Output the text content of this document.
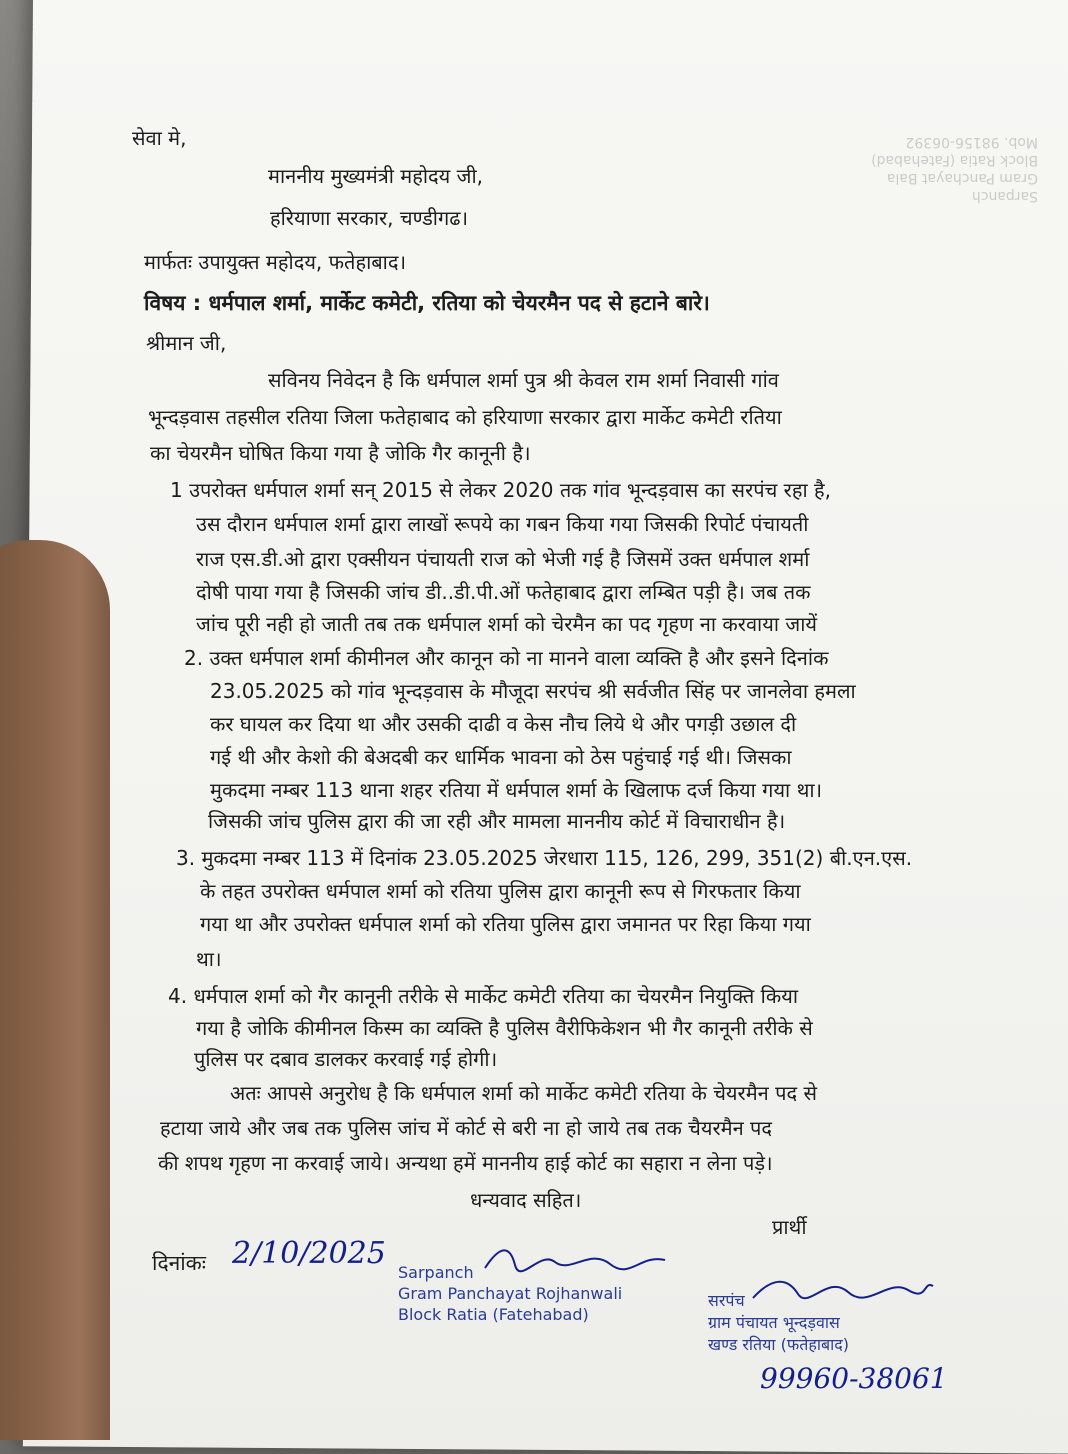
Sarpanch
Gram Panchayat Bala
Block Ratia (Fatehabad)
Mob. 98156-06392
सेवा मे,
माननीय मुख्यमंत्री महोदय जी,
हरियाणा सरकार, चण्डीगढ।
मार्फतः उपायुक्त महोदय, फतेहाबाद।
विषय : धर्मपाल शर्मा, मार्केट कमेटी, रतिया को चेयरमैन पद से हटाने बारे।
श्रीमान जी,
सविनय निवेदन है कि धर्मपाल शर्मा पुत्र श्री केवल राम शर्मा निवासी गांव
भून्दड़वास तहसील रतिया जिला फतेहाबाद को हरियाणा सरकार द्वारा मार्केट कमेटी रतिया
का चेयरमैन घोषित किया गया है जोकि गैर कानूनी है।
1 उपरोक्त धर्मपाल शर्मा सन् 2015 से लेकर 2020 तक गांव भून्दड़वास का सरपंच रहा है,
उस दौरान धर्मपाल शर्मा द्वारा लाखों रूपये का गबन किया गया जिसकी रिपोर्ट पंचायती
राज एस.डी.ओ द्वारा एक्सीयन पंचायती राज को भेजी गई है जिसमें उक्त धर्मपाल शर्मा
दोषी पाया गया है जिसकी जांच डी..डी.पी.ओं फतेहाबाद द्वारा लम्बित पड़ी है। जब तक
जांच पूरी नही हो जाती तब तक धर्मपाल शर्मा को चेरमैन का पद गृहण ना करवाया जायें
2. उक्त धर्मपाल शर्मा कीमीनल और कानून को ना मानने वाला व्यक्ति है और इसने दिनांक
23.05.2025 को गांव भून्दड़वास के मौजूदा सरपंच श्री सर्वजीत सिंह पर जानलेवा हमला
कर घायल कर दिया था और उसकी दाढी व केस नौच लिये थे और पगड़ी उछाल दी
गई थी और केशो की बेअदबी कर धार्मिक भावना को ठेस पहुंचाई गई थी। जिसका
मुकदमा नम्बर 113 थाना शहर रतिया में धर्मपाल शर्मा के खिलाफ दर्ज किया गया था।
जिसकी जांच पुलिस द्वारा की जा रही और मामला माननीय कोर्ट में विचाराधीन है।
3. मुकदमा नम्बर 113 में दिनांक 23.05.2025 जेरधारा 115, 126, 299, 351(2) बी.एन.एस.
के तहत उपरोक्त धर्मपाल शर्मा को रतिया पुलिस द्वारा कानूनी रूप से गिरफतार किया
गया था और उपरोक्त धर्मपाल शर्मा को रतिया पुलिस द्वारा जमानत पर रिहा किया गया
था।
4. धर्मपाल शर्मा को गैर कानूनी तरीके से मार्केट कमेटी रतिया का चेयरमैन नियुक्ति किया
गया है जोकि कीमीनल किस्म का व्यक्ति है पुलिस वैरीफिकेशन भी गैर कानूनी तरीके से
पुलिस पर दबाव डालकर करवाई गई होगी।
अतः आपसे अनुरोध है कि धर्मपाल शर्मा को मार्केट कमेटी रतिया के चेयरमैन पद से
हटाया जाये और जब तक पुलिस जांच में कोर्ट से बरी ना हो जाये तब तक चैयरमैन पद
की शपथ गृहण ना करवाई जाये। अन्यथा हमें माननीय हाई कोर्ट का सहारा न लेना पड़े।
धन्यवाद सहित।
प्रार्थी
दिनांकः 2/10/2025
Sarpanch
Gram Panchayat Rojhanwali
Block Ratia (Fatehabad)
सरपंच
ग्राम पंचायत भून्दड़वास
खण्ड रतिया (फतेहाबाद)
99960-38061
